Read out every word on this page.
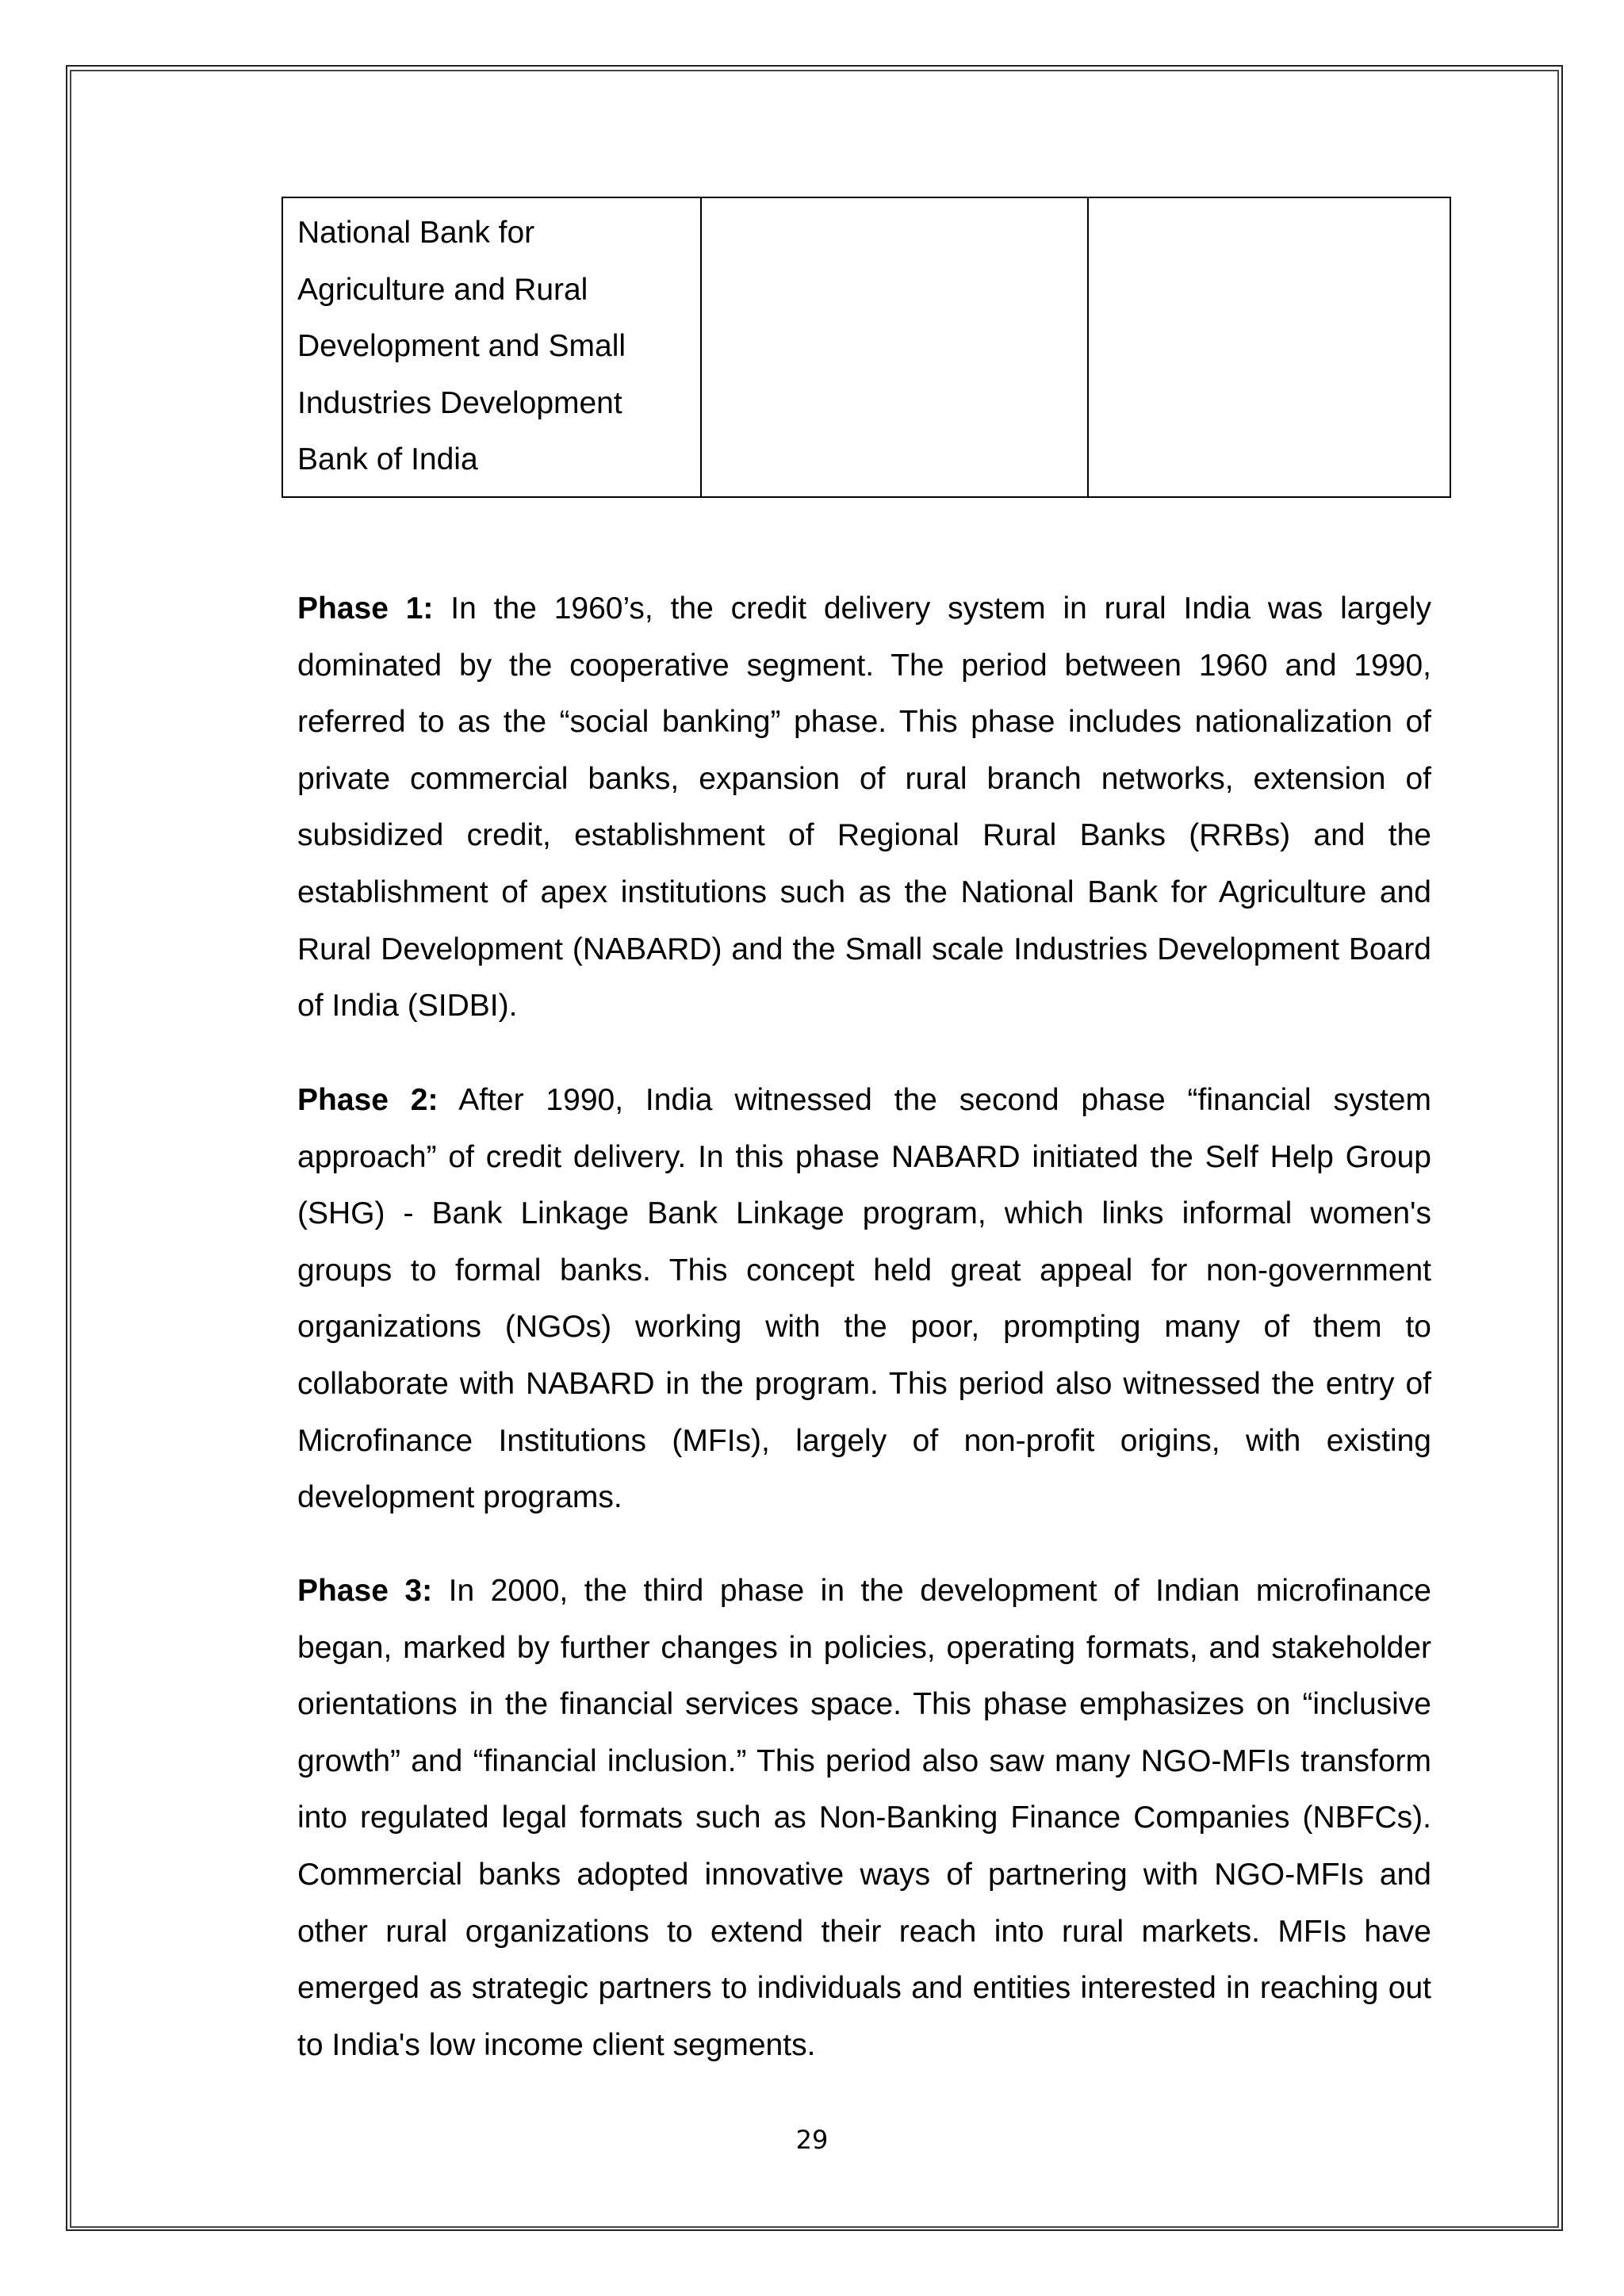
National Bank for Agriculture and Rural Development and Small Industries Development Bank of India		

Phase 1: In the 1960’s, the credit delivery system in rural India was largely dominated by the cooperative segment. The period between 1960 and 1990, referred to as the “social banking” phase. This phase includes nationalization of private commercial banks, expansion of rural branch networks, extension of subsidized credit, establishment of Regional Rural Banks (RRBs) and the establishment of apex institutions such as the National Bank for Agriculture and Rural Development (NABARD) and the Small scale Industries Development Board of India (SIDBI).

Phase 2: After 1990, India witnessed the second phase “financial system approach” of credit delivery. In this phase NABARD initiated the Self Help Group (SHG) - Bank Linkage Bank Linkage program, which links informal women's groups to formal banks. This concept held great appeal for non-government organizations (NGOs) working with the poor, prompting many of them to collaborate with NABARD in the program. This period also witnessed the entry of Microfinance Institutions (MFIs), largely of non-profit origins, with existing development programs.

Phase 3: In 2000, the third phase in the development of Indian microfinance began, marked by further changes in policies, operating formats, and stakeholder orientations in the financial services space. This phase emphasizes on “inclusive growth” and “financial inclusion.” This period also saw many NGO-MFIs transform into regulated legal formats such as Non-Banking Finance Companies (NBFCs). Commercial banks adopted innovative ways of partnering with NGO-MFIs and other rural organizations to extend their reach into rural markets. MFIs have emerged as strategic partners to individuals and entities interested in reaching out to India's low income client segments.

29
